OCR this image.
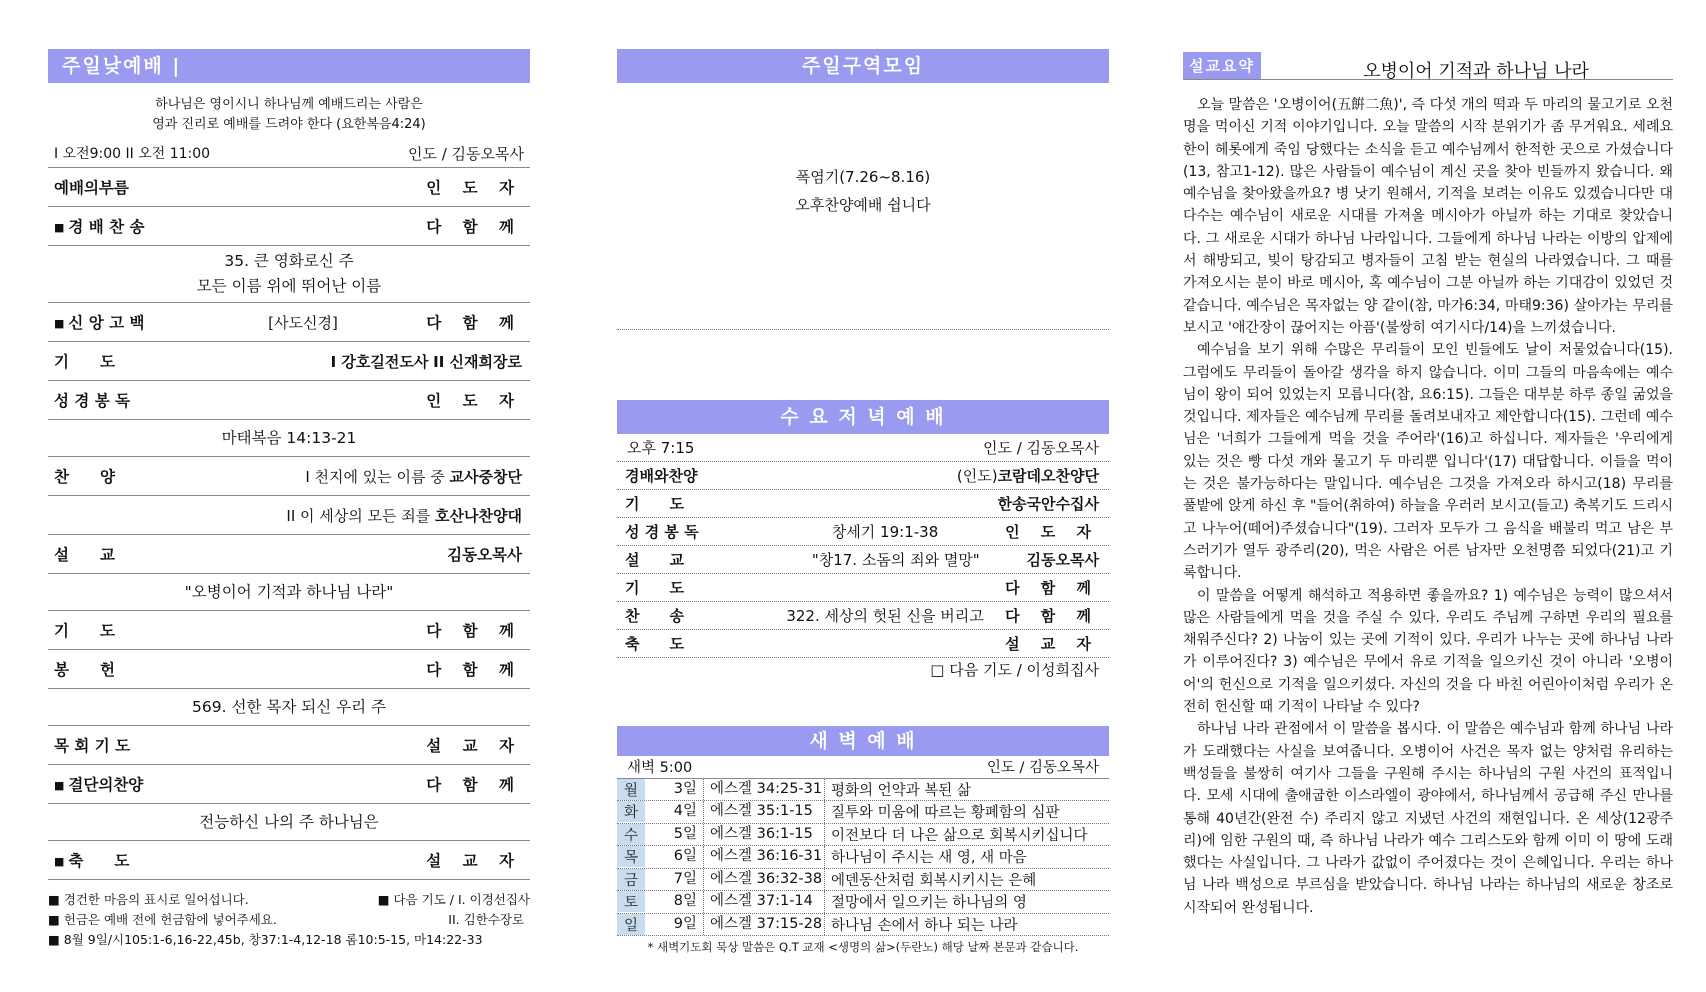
주일낮예배 |
하나님은 영이시니 하나님께 예배드리는 사람은
영과 진리로 예배를 드려야 한다 (요한복음4:24)
I 오전9:00 II 오전 11:00	인도 / 김동오목사
예배의부름	인 도 자
■ 경 배 찬 송	다 함 께
35. 큰 영화로신 주
모든 이름 위에 뛰어난 이름
■ 신 앙 고 백	[사도신경]	다 함 께
기　　도	I 강호길전도사 II 신재희장로
성 경 봉 독	인 도 자
마태복음 14:13-21
찬　　양	I 천지에 있는 이름 중 교사중창단
II 이 세상의 모든 죄를 호산나찬양대
설　　교	김동오목사
"오병이어 기적과 하나님 나라"
기　　도	다 함 께
봉　　헌	다 함 께
569. 선한 목자 되신 우리 주
목 회 기 도	설 교 자
■ 결단의찬양	다 함 께
전능하신 나의 주 하나님은
■ 축　　도	설 교 자
■ 경건한 마음의 표시로 일어섭니다.	■ 다음 기도 / I. 이경선집사
■ 헌금은 예배 전에 헌금함에 넣어주세요.	II. 김한수장로
■ 8월 9일/시105:1-6,16-22,45b, 창37:1-4,12-18 롬10:5-15, 마14:22-33
주일구역모임
폭염기(7.26~8.16)
오후찬양예배 쉽니다
수 요 저 녁 예 배
오후 7:15	인도 / 김동오목사
경배와찬양	(인도)코람데오찬양단
기　　도	한송국안수집사
성 경 봉 독	창세기 19:1-38	인 도 자
설　　교	"창17. 소돔의 죄와 멸망"	김동오목사
기　　도	다 함 께
찬　　송	322. 세상의 헛된 신을 버리고	다 함 께
축　　도	설 교 자
□ 다음 기도 / 이성희집사
새 벽 예 배
새벽 5:00	인도 / 김동오목사
월	3일 에스겔 34:25-31 평화의 언약과 복된 삶
화	4일 에스겔 35:1-15	질투와 미움에 따르는 황폐함의 심판
수	5일 에스겔 36:1-15	이전보다 더 나은 삶으로 회복시키십니다
목	6일 에스겔 36:16-31 하나님이 주시는 새 영, 새 마음
금	7일 에스겔 36:32-38 에덴동산처럼 회복시키시는 은혜
토	8일 에스겔 37:1-14	절망에서 일으키는 하나님의 영
일	9일 에스겔 37:15-28 하나님 손에서 하나 되는 나라
* 새벽기도회 묵상 말씀은 Q.T 교재 <생명의 삶>(두란노) 해당 날짜 본문과 같습니다.
설교요약	오병이어 기적과 하나님 나라

오늘 말씀은 '오병이어(五餠二魚)', 즉 다섯 개의 떡과 두 마리의 물고기로 오천 명을 먹이신 기적 이야기입니다. 오늘 말씀의 시작 분위기가 좀 무거워요. 세례요한이 헤롯에게 죽임 당했다는 소식을 듣고 예수님께서 한적한 곳으로 가셨습니다(13, 참고1-12). 많은 사람들이 예수님이 계신 곳을 찾아 빈들까지 왔습니다. 왜 예수님을 찾아왔을까요? 병 낫기 원해서, 기적을 보려는 이유도 있겠습니다만 대다수는 예수님이 새로운 시대를 가져올 메시아가 아닐까 하는 기대로 찾았습니다. 그 새로운 시대가 하나님 나라입니다. 그들에게 하나님 나라는 이방의 압제에서 해방되고, 빚이 탕감되고 병자들이 고침 받는 현실의 나라였습니다. 그 때를 가져오시는 분이 바로 메시아, 혹 예수님이 그분 아닐까 하는 기대감이 있었던 것 같습니다. 예수님은 목자없는 양 같이(참, 마가6:34, 마태9:36) 살아가는 무리를 보시고 '애간장이 끊어지는 아픔'(불쌍히 여기시다/14)을 느끼셨습니다.

예수님을 보기 위해 수많은 무리들이 모인 빈들에도 날이 저물었습니다(15). 그럼에도 무리들이 돌아갈 생각을 하지 않습니다. 이미 그들의 마음속에는 예수님이 왕이 되어 있었는지 모릅니다(참, 요6:15). 그들은 대부분 하루 종일 굶었을 것입니다. 제자들은 예수님께 무리를 돌려보내자고 제안합니다(15). 그런데 예수님은 '너희가 그들에게 먹을 것을 주어라'(16)고 하십니다. 제자들은 '우리에게 있는 것은 빵 다섯 개와 물고기 두 마리뿐 입니다'(17) 대답합니다. 이들을 먹이는 것은 불가능하다는 말입니다. 예수님은 그것을 가져오라 하시고(18) 무리를 풀밭에 앉게 하신 후 "들어(취하여) 하늘을 우러러 보시고(들고) 축복기도 드리시고 나누어(떼어)주셨습니다"(19). 그러자 모두가 그 음식을 배불리 먹고 남은 부스러기가 열두 광주리(20), 먹은 사람은 어른 남자만 오천명쯤 되었다(21)고 기록합니다.

이 말씀을 어떻게 해석하고 적용하면 좋을까요? 1) 예수님은 능력이 많으셔서 많은 사람들에게 먹을 것을 주실 수 있다. 우리도 주님께 구하면 우리의 필요를 채워주신다? 2) 나눔이 있는 곳에 기적이 있다. 우리가 나누는 곳에 하나님 나라가 이루어진다? 3) 예수님은 무에서 유로 기적을 일으키신 것이 아니라 '오병이어'의 헌신으로 기적을 일으키셨다. 자신의 것을 다 바친 어린아이처럼 우리가 온전히 헌신할 때 기적이 나타날 수 있다?

하나님 나라 관점에서 이 말씀을 봅시다. 이 말씀은 예수님과 함께 하나님 나라가 도래했다는 사실을 보여줍니다. 오병이어 사건은 목자 없는 양처럼 유리하는 백성들을 불쌍히 여기사 그들을 구원해 주시는 하나님의 구원 사건의 표적입니다. 모세 시대에 출애굽한 이스라엘이 광야에서, 하나님께서 공급해 주신 만나를 통해 40년간(완전 수) 주리지 않고 지냈던 사건의 재현입니다. 온 세상(12광주리)에 임한 구원의 때, 즉 하나님 나라가 예수 그리스도와 함께 이미 이 땅에 도래했다는 사실입니다. 그 나라가 값없이 주어졌다는 것이 은혜입니다. 우리는 하나님 나라 백성으로 부르심을 받았습니다. 하나님 나라는 하나님의 새로운 창조로 시작되어 완성됩니다.
